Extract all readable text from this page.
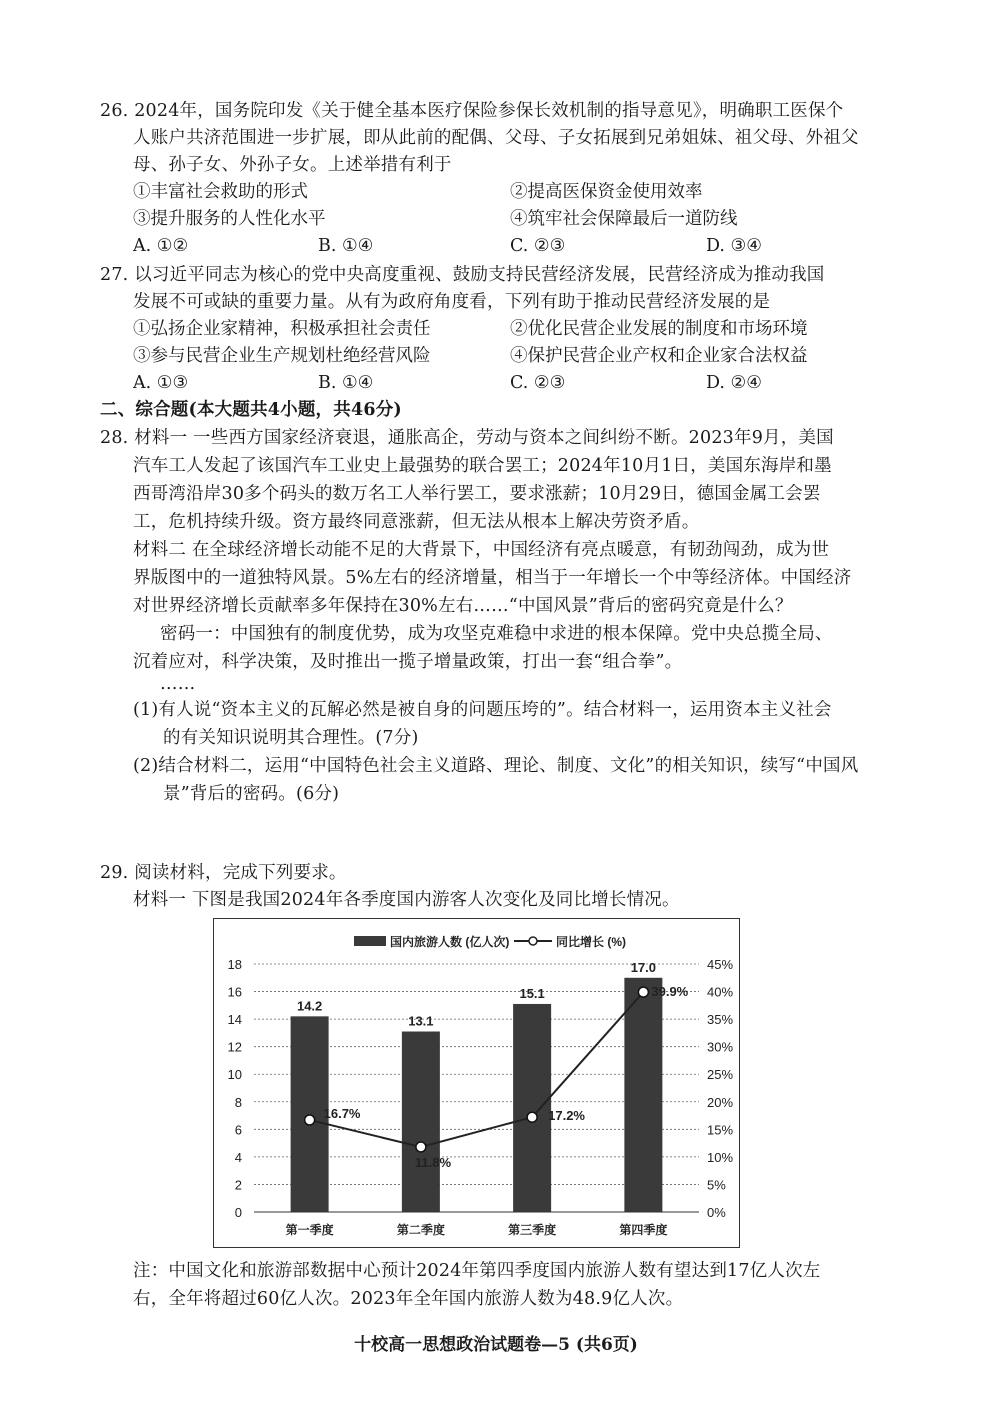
26. 2024年，国务院印发《关于健全基本医疗保险参保长效机制的指导意见》，明确职工医保个
人账户共济范围进一步扩展，即从此前的配偶、父母、子女拓展到兄弟姐妹、祖父母、外祖父
母、孙子女、外孙子女。上述举措有利于
①丰富社会救助的形式	②提高医保资金使用效率
③提升服务的人性化水平	④筑牢社会保障最后一道防线
A. ①②	B. ①④	C. ②③	D. ③④
27. 以习近平同志为核心的党中央高度重视、鼓励支持民营经济发展，民营经济成为推动我国
发展不可或缺的重要力量。从有为政府角度看，下列有助于推动民营经济发展的是
①弘扬企业家精神，积极承担社会责任	②优化民营企业发展的制度和市场环境
③参与民营企业生产规划杜绝经营风险	④保护民营企业产权和企业家合法权益
A. ①③	B. ①④	C. ②③	D. ②④
二、综合题(本大题共4小题，共46分)
28. 材料一 一些西方国家经济衰退，通胀高企，劳动与资本之间纠纷不断。2023年9月，美国
汽车工人发起了该国汽车工业史上最强势的联合罢工；2024年10月1日，美国东海岸和墨
西哥湾沿岸30多个码头的数万名工人举行罢工，要求涨薪；10月29日，德国金属工会罢
工，危机持续升级。资方最终同意涨薪，但无法从根本上解决劳资矛盾。
材料二 在全球经济增长动能不足的大背景下，中国经济有亮点暖意，有韧劲闯劲，成为世
界版图中的一道独特风景。5%左右的经济增量，相当于一年增长一个中等经济体。中国经济
对世界经济增长贡献率多年保持在30%左右……“中国风景”背后的密码究竟是什么？
密码一：中国独有的制度优势，成为攻坚克难稳中求进的根本保障。党中央总揽全局、
沉着应对，科学决策，及时推出一揽子增量政策，打出一套“组合拳”。
……
(1)有人说“资本主义的瓦解必然是被自身的问题压垮的”。结合材料一，运用资本主义社会
的有关知识说明其合理性。(7分)
(2)结合材料二，运用“中国特色社会主义道路、理论、制度、文化”的相关知识，续写“中国风
景”背后的密码。(6分)
29. 阅读材料，完成下列要求。
材料一 下图是我国2024年各季度国内游客人次变化及同比增长情况。
0
2
4
6
8
10
12
14
16
18
0%
5%
10%
15%
20%
25%
30%
35%
40%
45%
国内旅游人数 (亿人次)	同比增长 (%)
14.2
第一季度
13.1
第二季度
15.1
第三季度
17.0
第四季度
16.7%
11.8%
17.2%
39.9%
注：中国文化和旅游部数据中心预计2024年第四季度国内旅游人数有望达到17亿人次左
右，全年将超过60亿人次。2023年全年国内旅游人数为48.9亿人次。
十校高一思想政治试题卷—5 (共6页)
